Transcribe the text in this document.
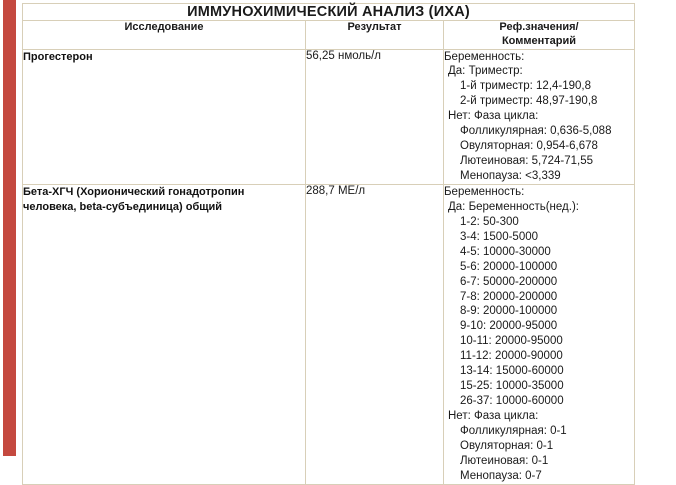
ИММУНОХИМИЧЕСКИЙ АНАЛИЗ (ИХА)		
Исследование	Результат	Реф.значения/
Комментарий

Прогестерон	56,25 нмоль/л	Беременность:
Да: Триместр:
1-й триместр: 12,4-190,8
2-й триместр: 48,97-190,8
Нет: Фаза цикла:
Фолликулярная: 0,636-5,088
Овуляторная: 0,954-6,678
Лютеиновая: 5,724-71,55
Менопауза: <3,339

Бета-ХГЧ (Хорионический гонадотропин
человека, beta-субъединица) общий
	288,7 МЕ/л	Беременность:
Да: Беременность(нед.):
1-2: 50-300
3-4: 1500-5000
4-5: 10000-30000
5-6: 20000-100000
6-7: 50000-200000
7-8: 20000-200000
8-9: 20000-100000
9-10: 20000-95000
10-11: 20000-95000
11-12: 20000-90000
13-14: 15000-60000
15-25: 10000-35000
26-37: 10000-60000
Нет: Фаза цикла:
Фолликулярная: 0-1
Овуляторная: 0-1
Лютеиновая: 0-1
Менопауза: 0-7
